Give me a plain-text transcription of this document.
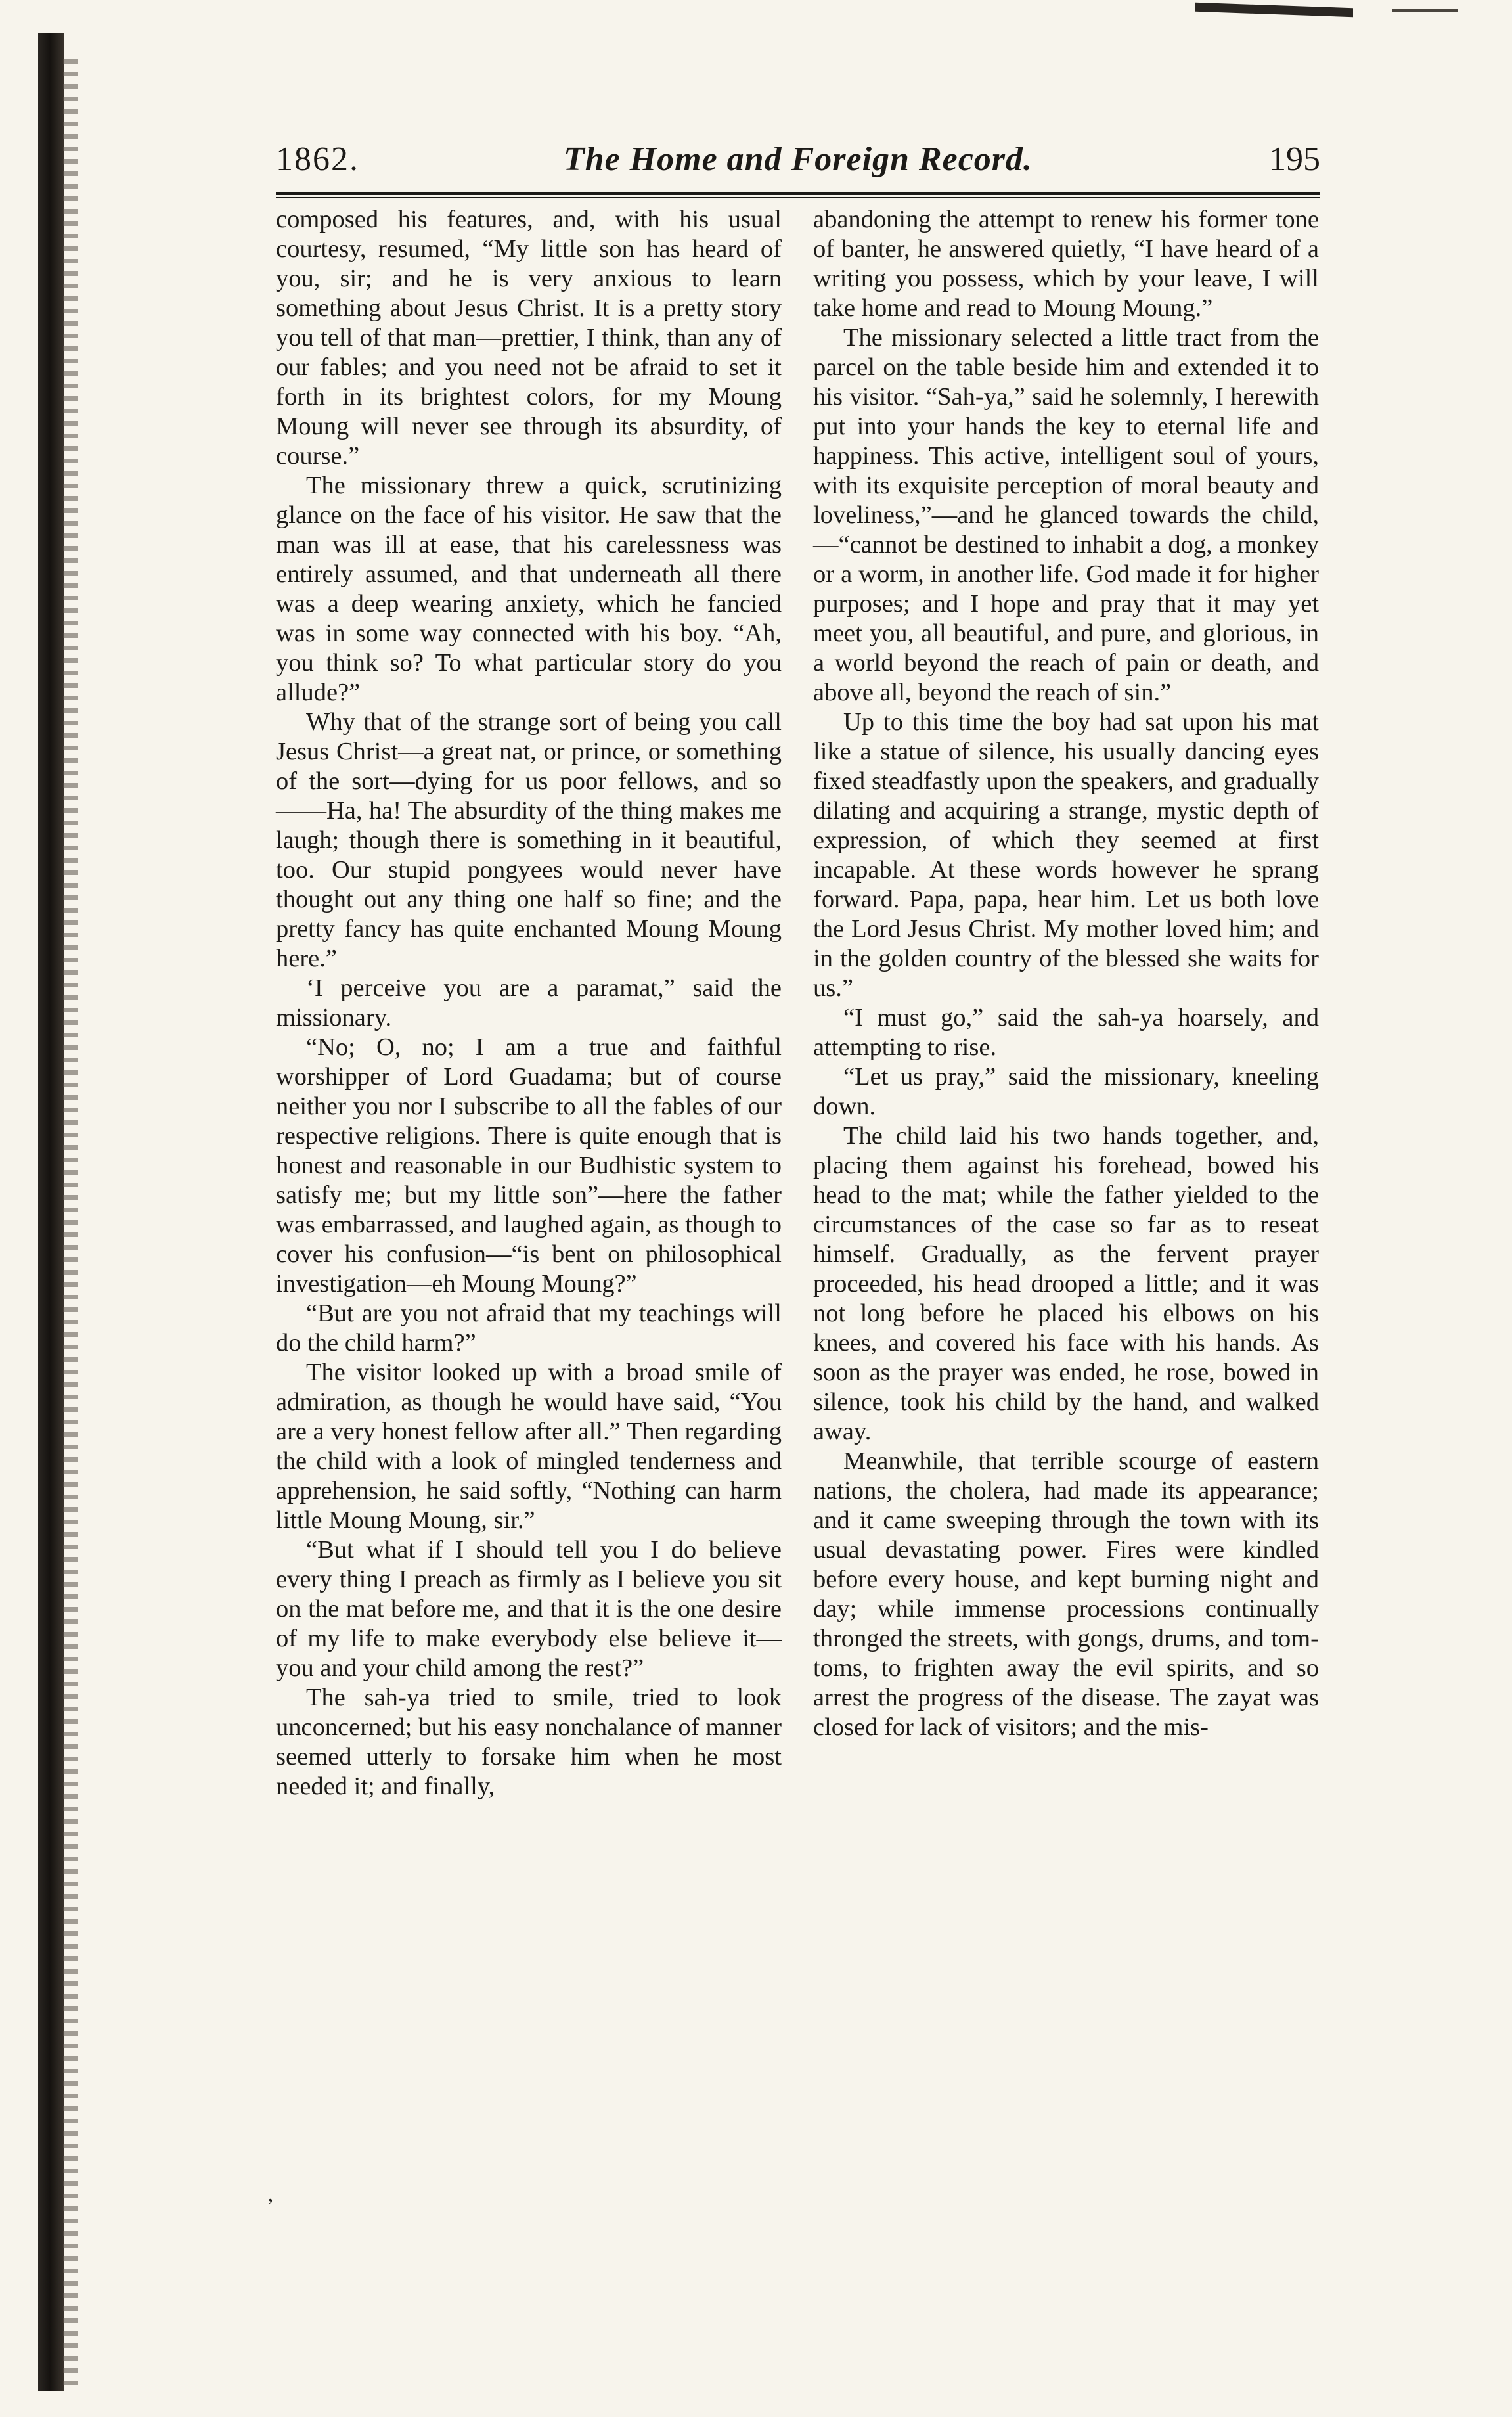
The Home and Foreign Record.
1862.	195

composed his features, and, with his usual courtesy, resumed, “My little son has heard of you, sir; and he is very anxious to learn something about Jesus Christ. It is a pretty story you tell of that man—prettier, I think, than any of our fables; and you need not be afraid to set it forth in its brightest colors, for my Moung Moung will never see through its absurdity, of course.”

The missionary threw a quick, scrutinizing glance on the face of his visitor. He saw that the man was ill at ease, that his carelessness was entirely assumed, and that underneath all there was a deep wearing anxiety, which he fancied was in some way connected with his boy. “Ah, you think so? To what particular story do you allude?”

Why that of the strange sort of being you call Jesus Christ—a great nat, or prince, or something of the sort—dying for us poor fellows, and so ——Ha, ha! The absurdity of the thing makes me laugh; though there is something in it beautiful, too. Our stupid pongyees would never have thought out any thing one half so fine; and the pretty fancy has quite enchanted Moung Moung here.”

‘I perceive you are a paramat,” said the missionary.

“No; O, no; I am a true and faithful worshipper of Lord Guadama; but of course neither you nor I subscribe to all the fables of our respective religions. There is quite enough that is honest and reasonable in our Budhistic system to satisfy me; but my little son”—here the father was embarrassed, and laughed again, as though to cover his confusion—“is bent on philosophical investigation—eh Moung Moung?”

“But are you not afraid that my teachings will do the child harm?”

The visitor looked up with a broad smile of admiration, as though he would have said, “You are a very honest fellow after all.” Then regarding the child with a look of mingled tenderness and apprehension, he said softly, “Nothing can harm little Moung Moung, sir.”

“But what if I should tell you I do believe every thing I preach as firmly as I believe you sit on the mat before me, and that it is the one desire of my life to make everybody else believe it—you and your child among the rest?”

The sah-ya tried to smile, tried to look unconcerned; but his easy nonchalance of manner seemed utterly to forsake him when he most needed it; and finally,

abandoning the attempt to renew his former tone of banter, he answered quietly, “I have heard of a writing you possess, which by your leave, I will take home and read to Moung Moung.”

The missionary selected a little tract from the parcel on the table beside him and extended it to his visitor. “Sah-ya,” said he solemnly, I herewith put into your hands the key to eternal life and happiness. This active, intelligent soul of yours, with its exquisite perception of moral beauty and loveliness,”—and he glanced towards the child,—“cannot be destined to inhabit a dog, a monkey or a worm, in another life. God made it for higher purposes; and I hope and pray that it may yet meet you, all beautiful, and pure, and glorious, in a world beyond the reach of pain or death, and above all, beyond the reach of sin.”

Up to this time the boy had sat upon his mat like a statue of silence, his usually dancing eyes fixed steadfastly upon the speakers, and gradually dilating and acquiring a strange, mystic depth of expression, of which they seemed at first incapable. At these words however he sprang forward. Papa, papa, hear him. Let us both love the Lord Jesus Christ. My mother loved him; and in the golden country of the blessed she waits for us.”

“I must go,” said the sah-ya hoarsely, and attempting to rise.

“Let us pray,” said the missionary, kneeling down.

The child laid his two hands together, and, placing them against his forehead, bowed his head to the mat; while the father yielded to the circumstances of the case so far as to reseat himself. Gradually, as the fervent prayer proceeded, his head drooped a little; and it was not long before he placed his elbows on his knees, and covered his face with his hands. As soon as the prayer was ended, he rose, bowed in silence, took his child by the hand, and walked away.

Meanwhile, that terrible scourge of eastern nations, the cholera, had made its appearance; and it came sweeping through the town with its usual devastating power. Fires were kindled before every house, and kept burning night and day; while immense processions continually thronged the streets, with gongs, drums, and tom-toms, to frighten away the evil spirits, and so arrest the progress of the disease. The zayat was closed for lack of visitors; and the mis-

’
